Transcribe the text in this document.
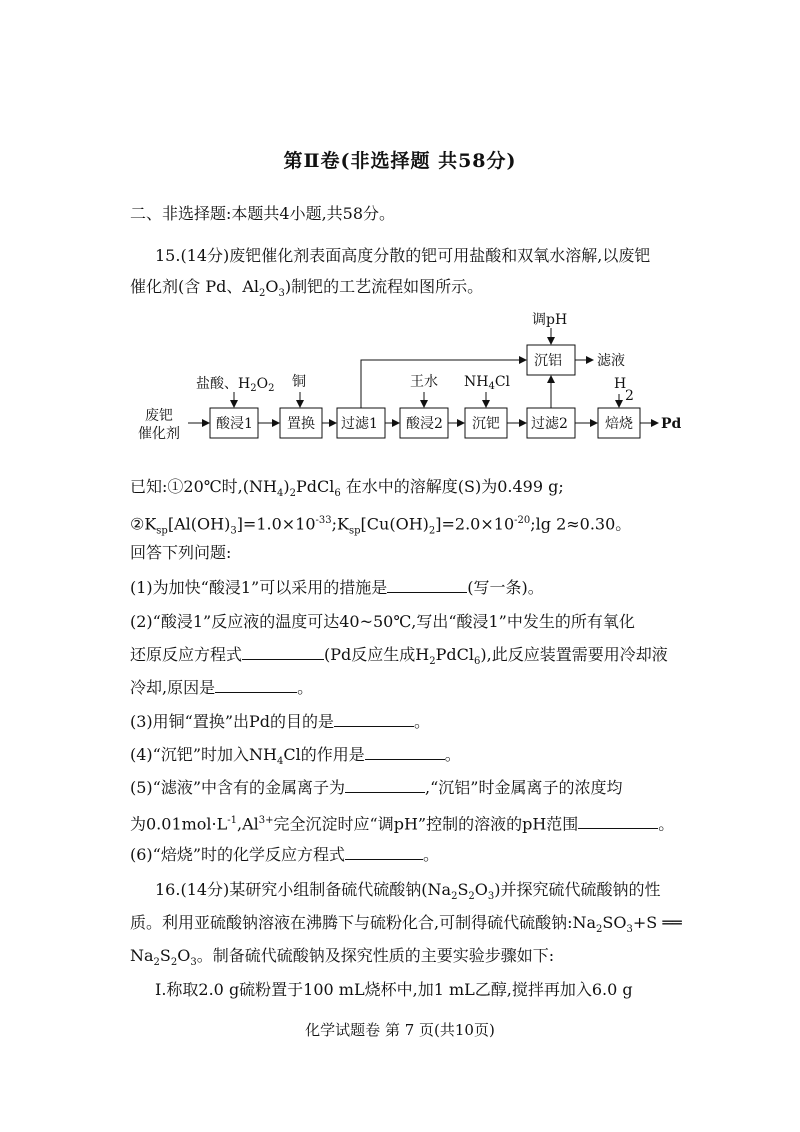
第Ⅱ卷(非选择题 共58分)
二、非选择题:本题共4小题,共58分。
15.(14分)废钯催化剂表面高度分散的钯可用盐酸和双氧水溶解,以废钯
催化剂(含 Pd、$Al_2O_3$)制钯的工艺流程如图所示。
废钯
催化剂
酸浸1 置换 过滤1 酸浸2 沉钯 过滤2	焙烧
沉铝
Pd
滤液
调pH
盐酸、$H_2O_2$ 铜	王水 $NH_4Cl$	H
2
已知:①20℃时$,(NH_4)_2PdCl_6$ 在水中的溶解度(S)为0.499 g;
$②K_{sp}[Al(OH)_3]=1.0\times 10^{-33};K_{sp}[Cu(OH)_2]=2.0\times 10^{-20};\lg$ 2≈0.30。
回答下列问题:
(1)为加快“酸浸1”可以采用的措施是	(写一条)。
(2)“酸浸1”反应液的温度可达40~50℃,写出“酸浸1”中发生的所有氧化
还原反应方程式	(Pd反应生成$H_2PdCl_6$),此反应装置需要用冷却液
冷却,原因是	。
(3)用铜“置换”出Pd的目的是	。
(4)“沉钯”时加入$NH_4Cl$的作用是	。
(5)“滤液”中含有的金属离子为	,“沉铝”时金属离子的浓度均
为$0.01mol\cdot L^{-1},Al^{3+}$完全沉淀时应“调pH”控制的溶液的pH范围	。
(6)“焙烧”时的化学反应方程式	。
16.(14分)某研究小组制备硫代硫酸钠$(Na_2S_2O_3)$并探究硫代硫酸钠的性
质。利用亚硫酸钠溶液在沸腾下与硫粉化合,可制得硫代硫酸钠$:Na_2SO_3+S$ ══
$Na_2S_2O_3$。制备硫代硫酸钠及探究性质的主要实验步骤如下:
Ⅰ.称取2.0 g硫粉置于100 mL烧杯中,加1 mL乙醇,搅拌再加入6.0 g
化学试题卷 第 7 页(共10页)
